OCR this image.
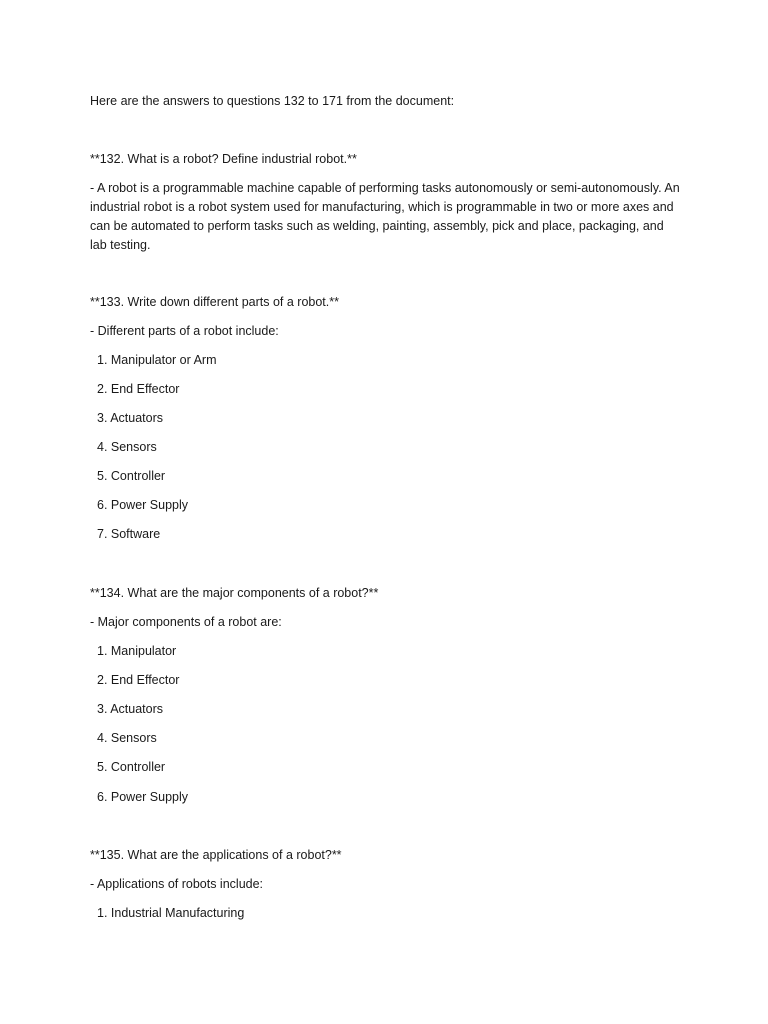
Here are the answers to questions 132 to 171 from the document:
**132. What is a robot? Define industrial robot.**
- A robot is a programmable machine capable of performing tasks autonomously or semi-autonomously. An industrial robot is a robot system used for manufacturing, which is programmable in two or more axes and can be automated to perform tasks such as welding, painting, assembly, pick and place, packaging, and lab testing.
**133. Write down different parts of a robot.**
- Different parts of a robot include:
1. Manipulator or Arm
2. End Effector
3. Actuators
4. Sensors
5. Controller
6. Power Supply
7. Software
**134. What are the major components of a robot?**
- Major components of a robot are:
1. Manipulator
2. End Effector
3. Actuators
4. Sensors
5. Controller
6. Power Supply
**135. What are the applications of a robot?**
- Applications of robots include:
1. Industrial Manufacturing
